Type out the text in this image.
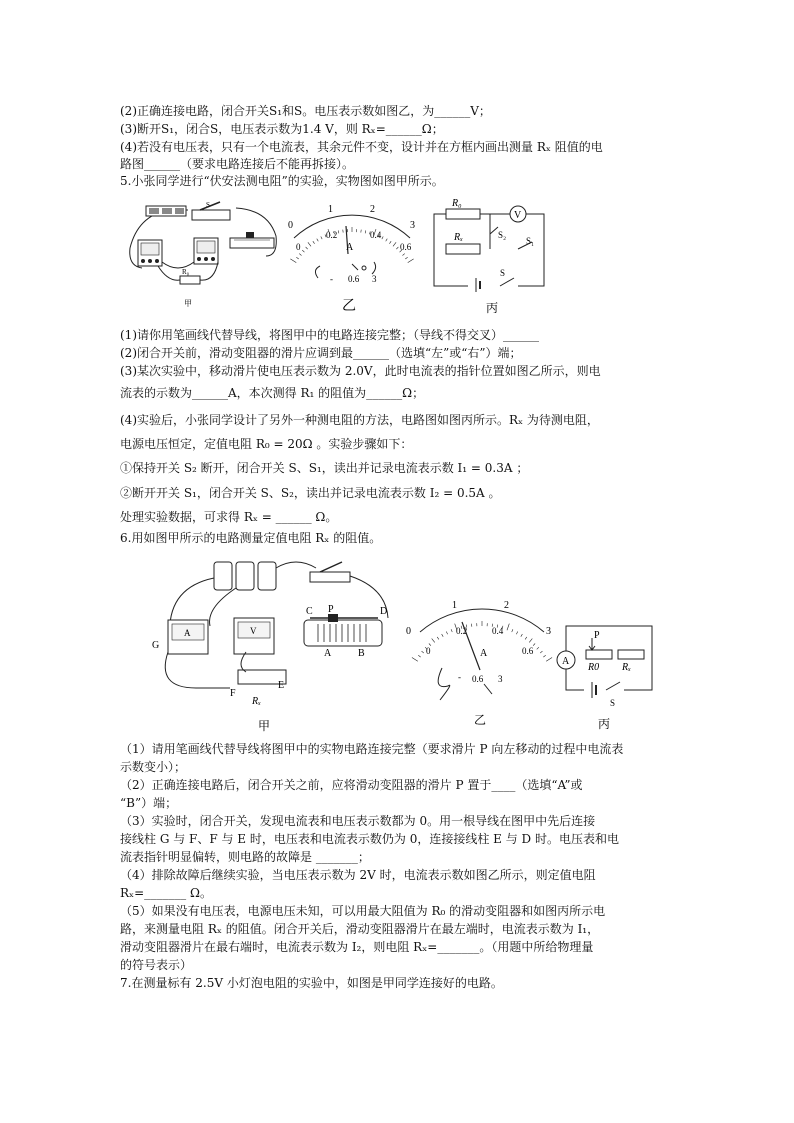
(2)正确连接电路，闭合开关S₁和S。电压表示数如图乙，为______V；
(3)断开S₁，闭合S，电压表示数为1.4 V，则 Rₓ=______Ω；
(4)若没有电压表，只有一个电流表，其余元件不变，设计并在方框内画出测量 Rₓ 阻值的电
路图______（要求电路连接后不能再拆接）。
5.小张同学进行“伏安法测电阻”的实验，实物图如图甲所示。
S
R₀
甲
0
1	2
3
0
0.2	0.4
0.6
A
- 0.6 3
乙
R₀
Rₓ
V
S₂
S₁
S
丙
(1)请你用笔画线代替导线，将图甲中的电路连接完整；（导线不得交叉）______
(2)闭合开关前，滑动变阻器的滑片应调到最______（选填“左”或“右”）端；
(3)某次实验中，移动滑片使电压表示数为 2.0V，此时电流表的指针位置如图乙所示，则电
流表的示数为______A，本次测得 R₁ 的阻值为______Ω；
(4)实验后，小张同学设计了另外一种测电阻的方法，电路图如图丙所示。Rₓ 为待测电阻，
电源电压恒定，定值电阻 R₀ = 20Ω 。实验步骤如下：
①保持开关 S₂ 断开，闭合开关 S、S₁，读出并记录电流表示数 I₁ = 0.3A ；
②断开开关 S₁，闭合开关 S、S₂，读出并记录电流表示数 I₂ = 0.5A 。
处理实验数据，可求得 Rₓ = ______ Ω。
6.用如图甲所示的电路测量定值电阻 Rₓ 的阻值。
A	V
C P	D
A	B
G
F
E
Rₓ
甲
0
1	2
3
0
0.2	0.4
0.6
A
- 0.6 3
乙
A
P
R0 Rₓ
S
丙
（1）请用笔画线代替导线将图甲中的实物电路连接完整（要求滑片 P 向左移动的过程中电流表
示数变小）；
（2）正确连接电路后，闭合开关之前，应将滑动变阻器的滑片 P 置于____（选填“A”或
“B”）端；
（3）实验时，闭合开关，发现电流表和电压表示数都为 0。用一根导线在图甲中先后连接
接线柱 G 与 F、F 与 E 时，电压表和电流表示数仍为 0，连接接线柱 E 与 D 时。电压表和电
流表指针明显偏转，则电路的故障是 _______；
（4）排除故障后继续实验，当电压表示数为 2V 时，电流表示数如图乙所示，则定值电阻
Rₓ=_______ Ω。
（5）如果没有电压表，电源电压未知，可以用最大阻值为 R₀ 的滑动变阻器和如图丙所示电
路，来测量电阻 Rₓ 的阻值。闭合开关后，滑动变阻器滑片在最左端时，电流表示数为 I₁，
滑动变阻器滑片在最右端时，电流表示数为 I₂，则电阻 Rₓ=_______。（用题中所给物理量
的符号表示）
7.在测量标有 2.5V 小灯泡电阻的实验中，如图是甲同学连接好的电路。
